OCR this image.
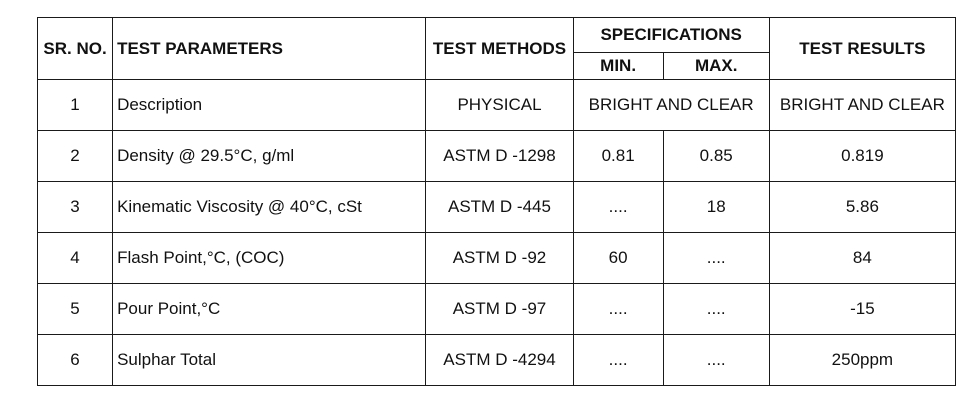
SR. NO.	TEST PARAMETERS	TEST METHODS	SPECIFICATIONS		TEST RESULTS
			MIN.	MAX.	
1	Description	PHYSICAL	BRIGHT AND CLEAR		BRIGHT AND CLEAR
2	Density @ 29.5°C, g/ml	ASTM D -1298	0.81	0.85	0.819
3	Kinematic Viscosity @ 40°C, cSt	ASTM D -445	....	18	5.86
4	Flash Point,°C, (COC)	ASTM D -92	60	....	84
5	Pour Point,°C	ASTM D -97	....	....	-15
6	Sulphar Total	ASTM D -4294	....	....	250ppm
